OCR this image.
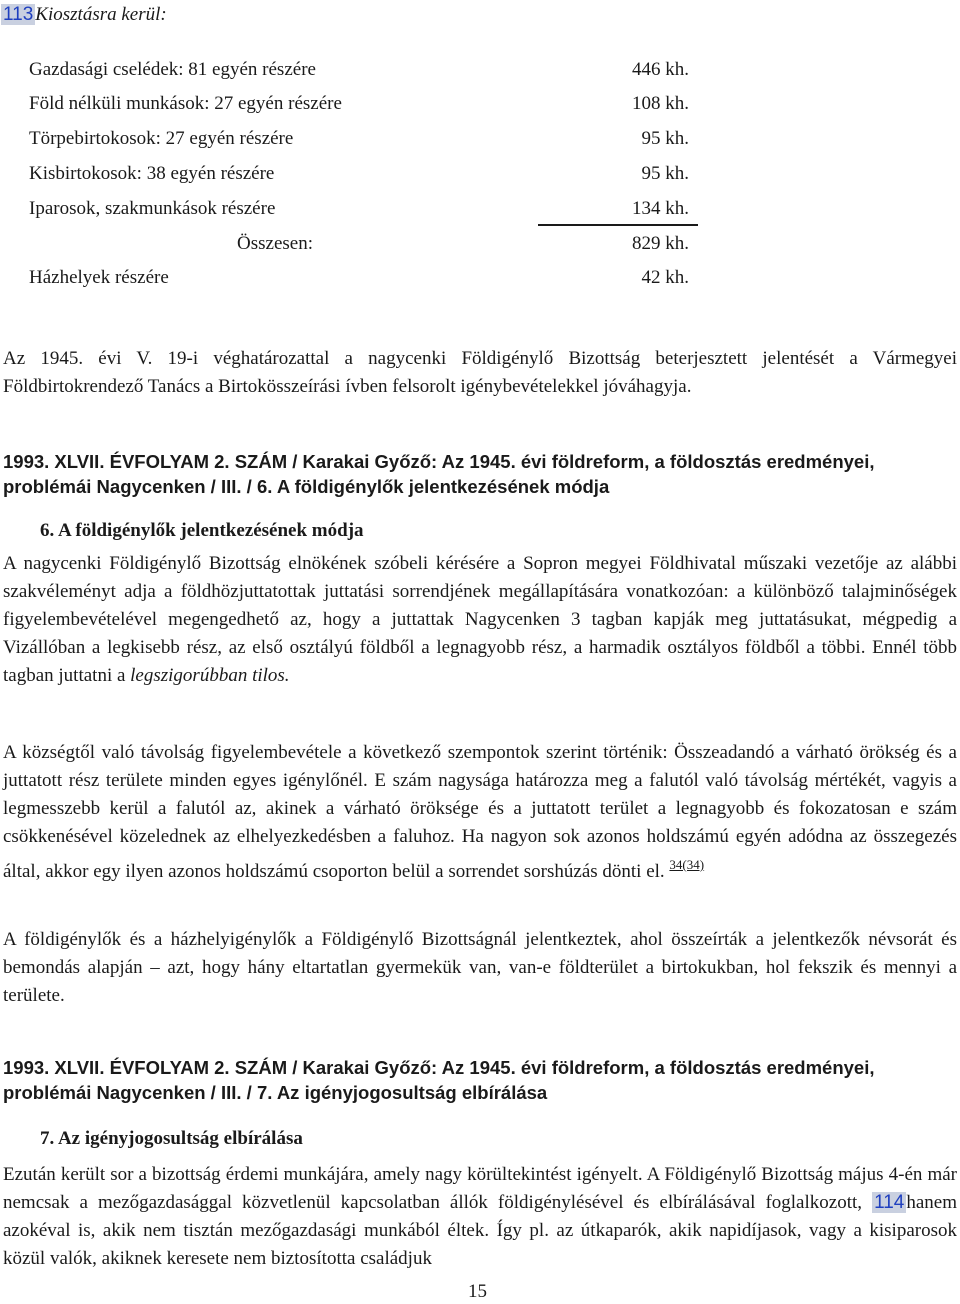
113 Kiosztásra kerül:
Gazdasági cselédek: 81 egyén részére	446 kh.
Föld nélküli munkások: 27 egyén részére	108 kh.
Törpebirtokosok: 27 egyén részére	95 kh.
Kisbirtokosok: 38 egyén részére	95 kh.
Iparosok, szakmunkások részére	134 kh.
Összesen:	829 kh.
Házhelyek részére	42 kh.

Az 1945. évi V. 19-i véghatározattal a nagycenki Földigénylő Bizottság beterjesztett jelentését a Vármegyei Földbirtokrendező Tanács a Birtokösszeírási ívben felsorolt igénybevételekkel jóváhagyja.

1993. XLVII. ÉVFOLYAM 2. SZÁM / Karakai Győző: Az 1945. évi földreform, a földosztás eredményei, problémái Nagycenken / III. / 6. A földigénylők jelentkezésének módja

6. A földigénylők jelentkezésének módja

A nagycenki Földigénylő Bizottság elnökének szóbeli kérésére a Sopron megyei Földhivatal műszaki vezetője az alábbi szakvéleményt adja a földhözjuttatottak juttatási sorrendjének megállapítására vonatkozóan: a különböző talajminőségek figyelembevételével megengedhető az, hogy a juttattak Nagycenken 3 tagban kapják meg juttatásukat, mégpedig a Vizállóban a legkisebb rész, az első osztályú földből a legnagyobb rész, a harmadik osztályos földből a többi. Ennél több tagban juttatni a legszigorúbban tilos.

A községtől való távolság figyelembevétele a következő szempontok szerint történik: Összeadandó a várható örökség és a juttatott rész területe minden egyes igénylőnél. E szám nagysága határozza meg a falutól való távolság mértékét, vagyis a legmesszebb kerül a falutól az, akinek a várható öröksége és a juttatott terület a legnagyobb és fokozatosan e szám csökkenésével közelednek az elhelyezkedésben a faluhoz. Ha nagyon sok azonos holdszámú egyén adódna az összegezés által, akkor egy ilyen azonos holdszámú csoporton belül a sorrendet sorshúzás dönti el. $^{34(34)}$

A földigénylők és a házhelyigénylők a Földigénylő Bizottságnál jelentkeztek, ahol összeírták a jelentkezők névsorát és bemondás alapján – azt, hogy hány eltartatlan gyermekük van, van-e földterület a birtokukban, hol fekszik és mennyi a területe.

1993. XLVII. ÉVFOLYAM 2. SZÁM / Karakai Győző: Az 1945. évi földreform, a földosztás eredményei, problémái Nagycenken / III. / 7. Az igényjogosultság elbírálása

7. Az igényjogosultság elbírálása

Ezután került sor a bizottság érdemi munkájára, amely nagy körültekintést igényelt. A Földigénylő Bizottság május 4-én már nemcsak a mezőgazdasággal közvetlenül kapcsolatban állók földigénylésével és elbírálásával foglalkozott, 114 hanem azokéval is, akik nem tisztán mezőgazdasági munkából éltek. Így pl. az útkaparók, akik napidíjasok, vagy a kisiparosok közül valók, akiknek keresete nem biztosította családjuk

15
